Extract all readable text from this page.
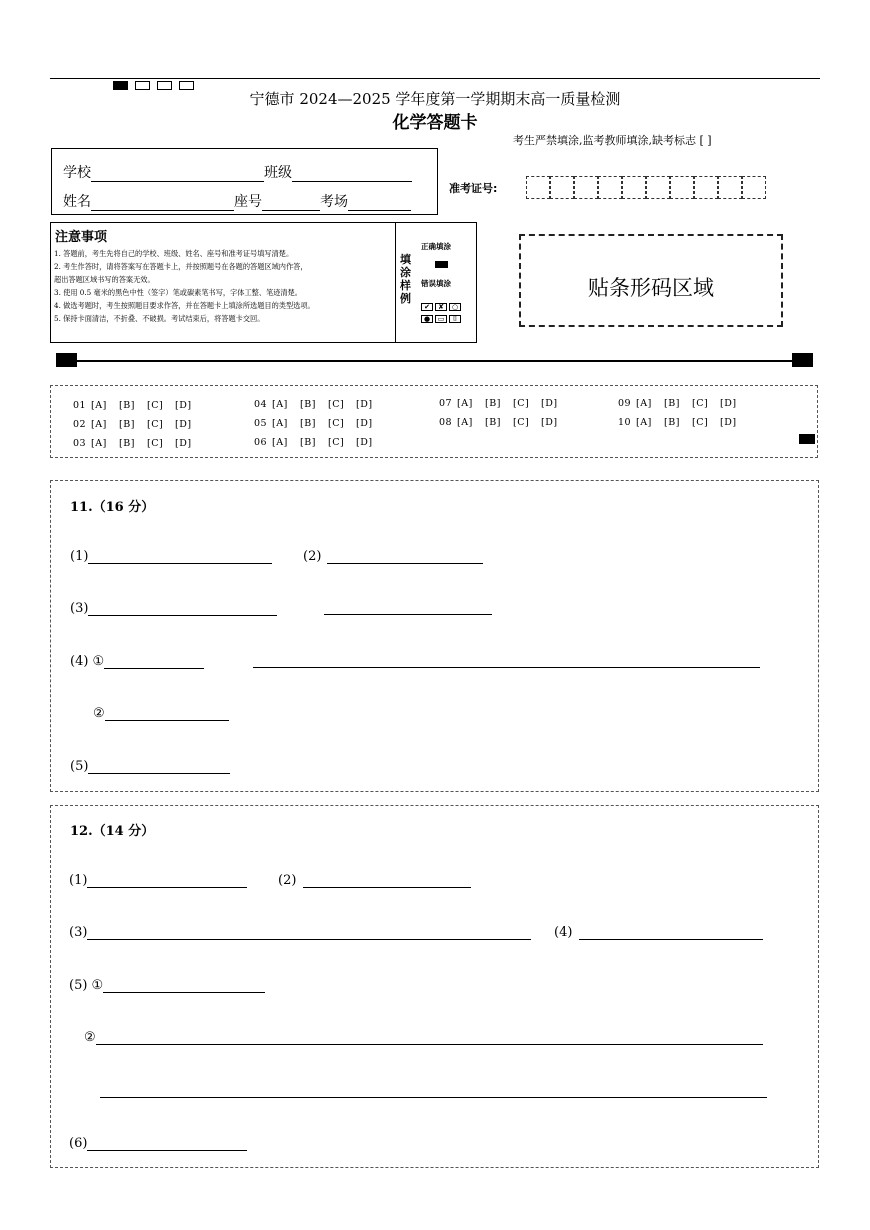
宁德市 2024—2025 学年度第一学期期末高一质量检测
化学答题卡
考生严禁填涂,监考教师填涂,缺考标志 [ ]
学校	班级
姓名	座号	考场
准考证号:
注意事项
1. 答题前，考生先将自己的学校、班级、姓名、座号和准考证号填写清楚。
2. 考生作答时，请将答案写在答题卡上，并按照题号在各题的答题区域内作答，
超出答题区域书写的答案无效。
3. 使用 0.5 毫米的黑色中性（签字）笔或碳素笔书写，字体工整、笔迹清楚。
4. 做选考题时，考生按照题目要求作答，并在答题卡上填涂所选题目的类型选项。
5. 保持卡面清洁，不折叠、不破损。考试结束后，将答题卡交回。
填涂样例
正确填涂
错误填涂
✔	✘	○
●	▭	⌷
贴条形码区域
01 [A] [B] [C] [D]
02 [A] [B] [C] [D]
03 [A] [B] [C] [D]
04 [A] [B] [C] [D]
05 [A] [B] [C] [D]
06 [A] [B] [C] [D]
07 [A] [B] [C] [D]
08 [A] [B] [C] [D]
09 [A] [B] [C] [D]
10 [A] [B] [C] [D]
11.（16 分）
(1)	(2)
(3)
(4) ①
②
(5)
12.（14 分）
(1)	(2)
(3)	(4)
(5) ①
②
(6)
